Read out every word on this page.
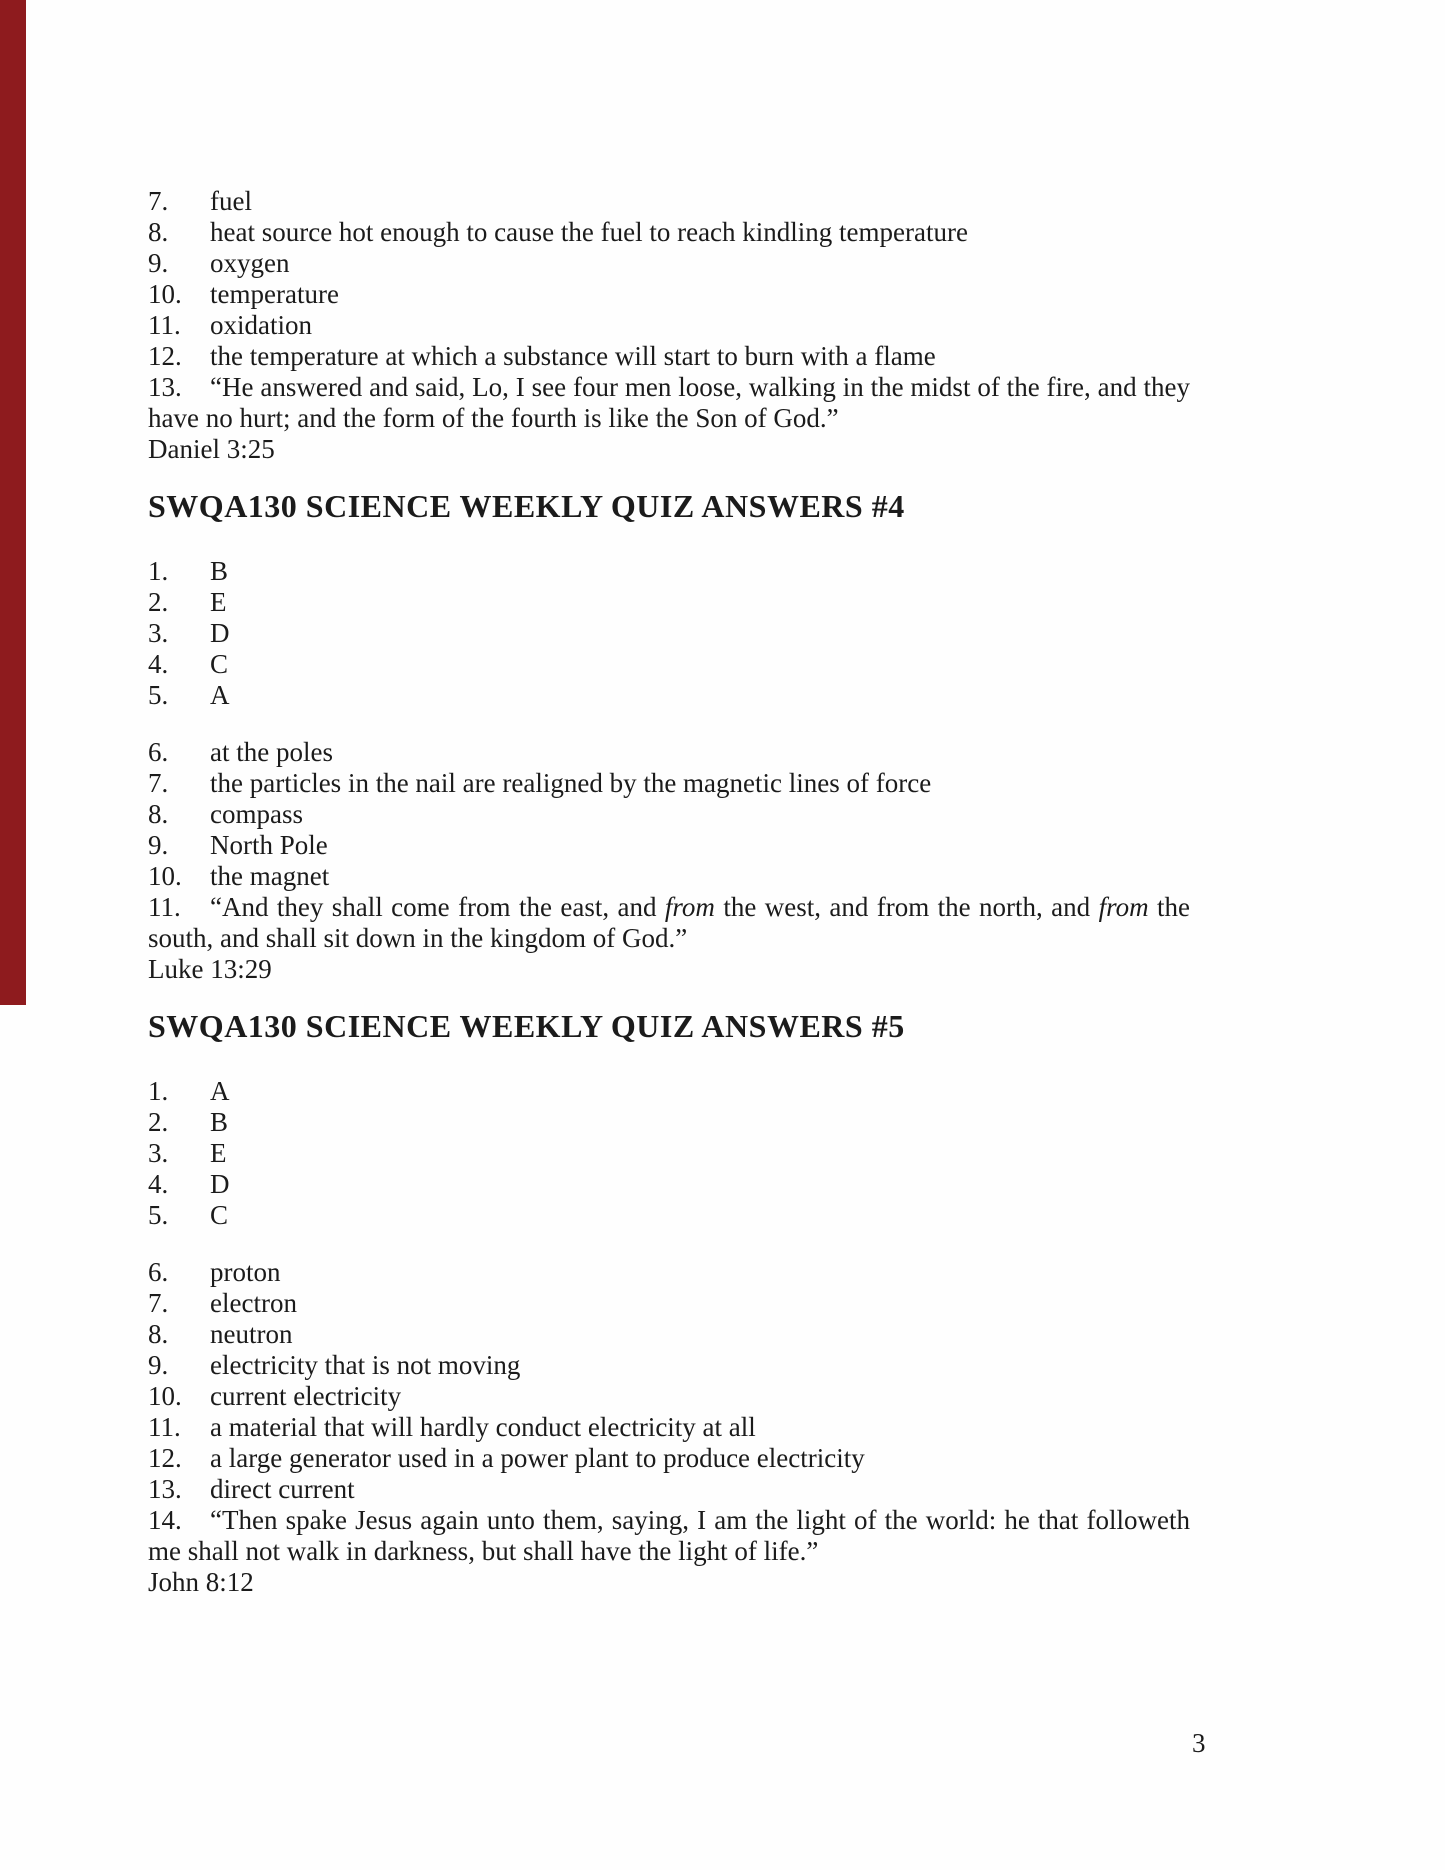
7. fuel
8. heat source hot enough to cause the fuel to reach kindling temperature
9. oxygen
10. temperature
11. oxidation
12. the temperature at which a substance will start to burn with a flame
13. “He answered and said, Lo, I see four men loose, walking in the midst of the fire, and they
have no hurt; and the form of the fourth is like the Son of God.”
Daniel 3:25
SWQA130 SCIENCE WEEKLY QUIZ ANSWERS #4
1. B
2. E
3. D
4. C
5. A
6. at the poles
7. the particles in the nail are realigned by the magnetic lines of force
8. compass
9. North Pole
10. the magnet
11. “And they shall come from the east, and from the west, and from the north, and from the
south, and shall sit down in the kingdom of God.”
Luke 13:29
SWQA130 SCIENCE WEEKLY QUIZ ANSWERS #5
1. A
2. B
3. E
4. D
5. C
6. proton
7. electron
8. neutron
9. electricity that is not moving
10. current electricity
11. a material that will hardly conduct electricity at all
12. a large generator used in a power plant to produce electricity
13. direct current
14. “Then spake Jesus again unto them, saying, I am the light of the world: he that followeth
me shall not walk in darkness, but shall have the light of life.”
John 8:12
3
